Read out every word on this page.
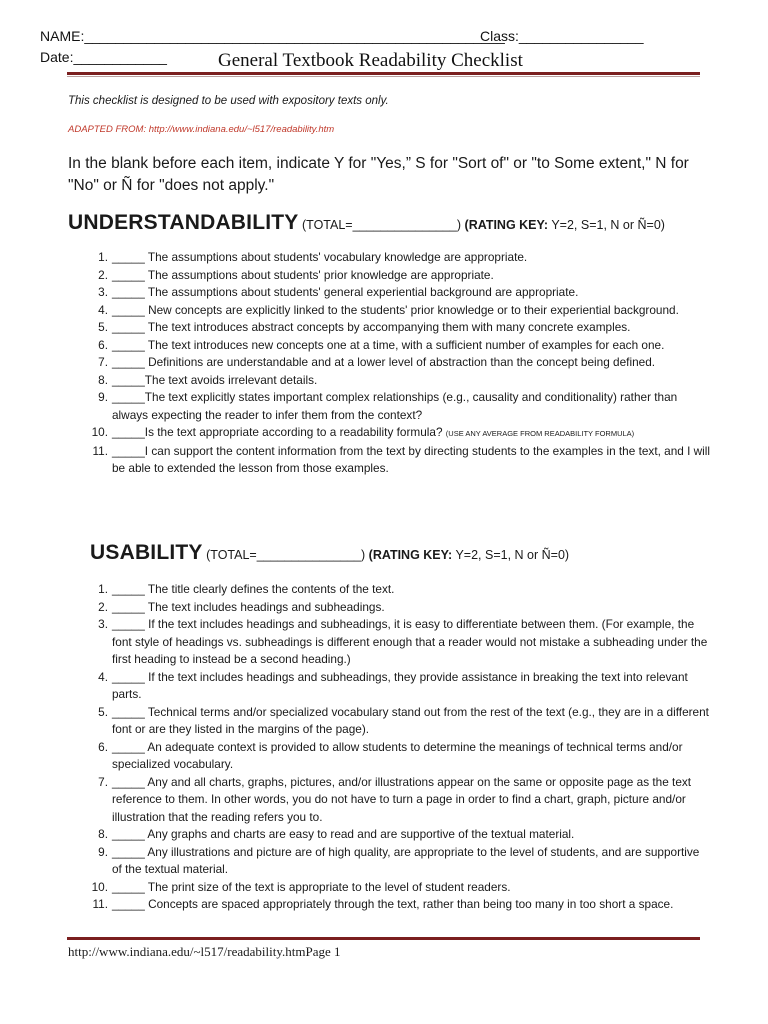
NAME:______________________________________________________
Class:________________
Date:____________	General Textbook Readability Checklist
This checklist is designed to be used with expository texts only.
ADAPTED FROM: http://www.indiana.edu/~l517/readability.htm
In the blank before each item, indicate Y for "Yes,” S for "Sort of" or "to Some extent," N for "No" or Ñ for "does not apply."
UNDERSTANDABILITY (TOTAL=_______________) (RATING KEY: Y=2, S=1, N or Ñ=0)
1. _____ The assumptions about students' vocabulary knowledge are appropriate.
2. _____ The assumptions about students' prior knowledge are appropriate.
3. _____ The assumptions about students' general experiential background are appropriate.
4. _____ New concepts are explicitly linked to the students' prior knowledge or to their experiential background.
5. _____ The text introduces abstract concepts by accompanying them with many concrete examples.
6. _____ The text introduces new concepts one at a time, with a sufficient number of examples for each one.
7. _____ Definitions are understandable and at a lower level of abstraction than the concept being defined.
8. _____The text avoids irrelevant details.
9. _____The text explicitly states important complex relationships (e.g., causality and conditionality) rather than always expecting the reader to infer them from the context?
10. _____Is the text appropriate according to a readability formula? (USE ANY AVERAGE FROM READABILITY FORMULA)
11. _____I can support the content information from the text by directing students to the examples in the text, and I will be able to extended the lesson from those examples.
USABILITY (TOTAL=_______________) (RATING KEY: Y=2, S=1, N or Ñ=0)
1. _____ The title clearly defines the contents of the text.
2. _____ The text includes headings and subheadings.
3. _____ If the text includes headings and subheadings, it is easy to differentiate between them. (For example, the font style of headings vs. subheadings is different enough that a reader would not mistake a subheading under the first heading to instead be a second heading.)
4. _____ If the text includes headings and subheadings, they provide assistance in breaking the text into relevant parts.
5. _____ Technical terms and/or specialized vocabulary stand out from the rest of the text (e.g., they are in a different font or are they listed in the margins of the page).
6. _____ An adequate context is provided to allow students to determine the meanings of technical terms and/or specialized vocabulary.
7. _____ Any and all charts, graphs, pictures, and/or illustrations appear on the same or opposite page as the text reference to them. In other words, you do not have to turn a page in order to find a chart, graph, picture and/or illustration that the reading refers you to.
8. _____ Any graphs and charts are easy to read and are supportive of the textual material.
9. _____ Any illustrations and picture are of high quality, are appropriate to the level of students, and are supportive of the textual material.
10. _____ The print size of the text is appropriate to the level of student readers.
11. _____ Concepts are spaced appropriately through the text, rather than being too many in too short a space.
http://www.indiana.edu/~l517/readability.htmPage 1
